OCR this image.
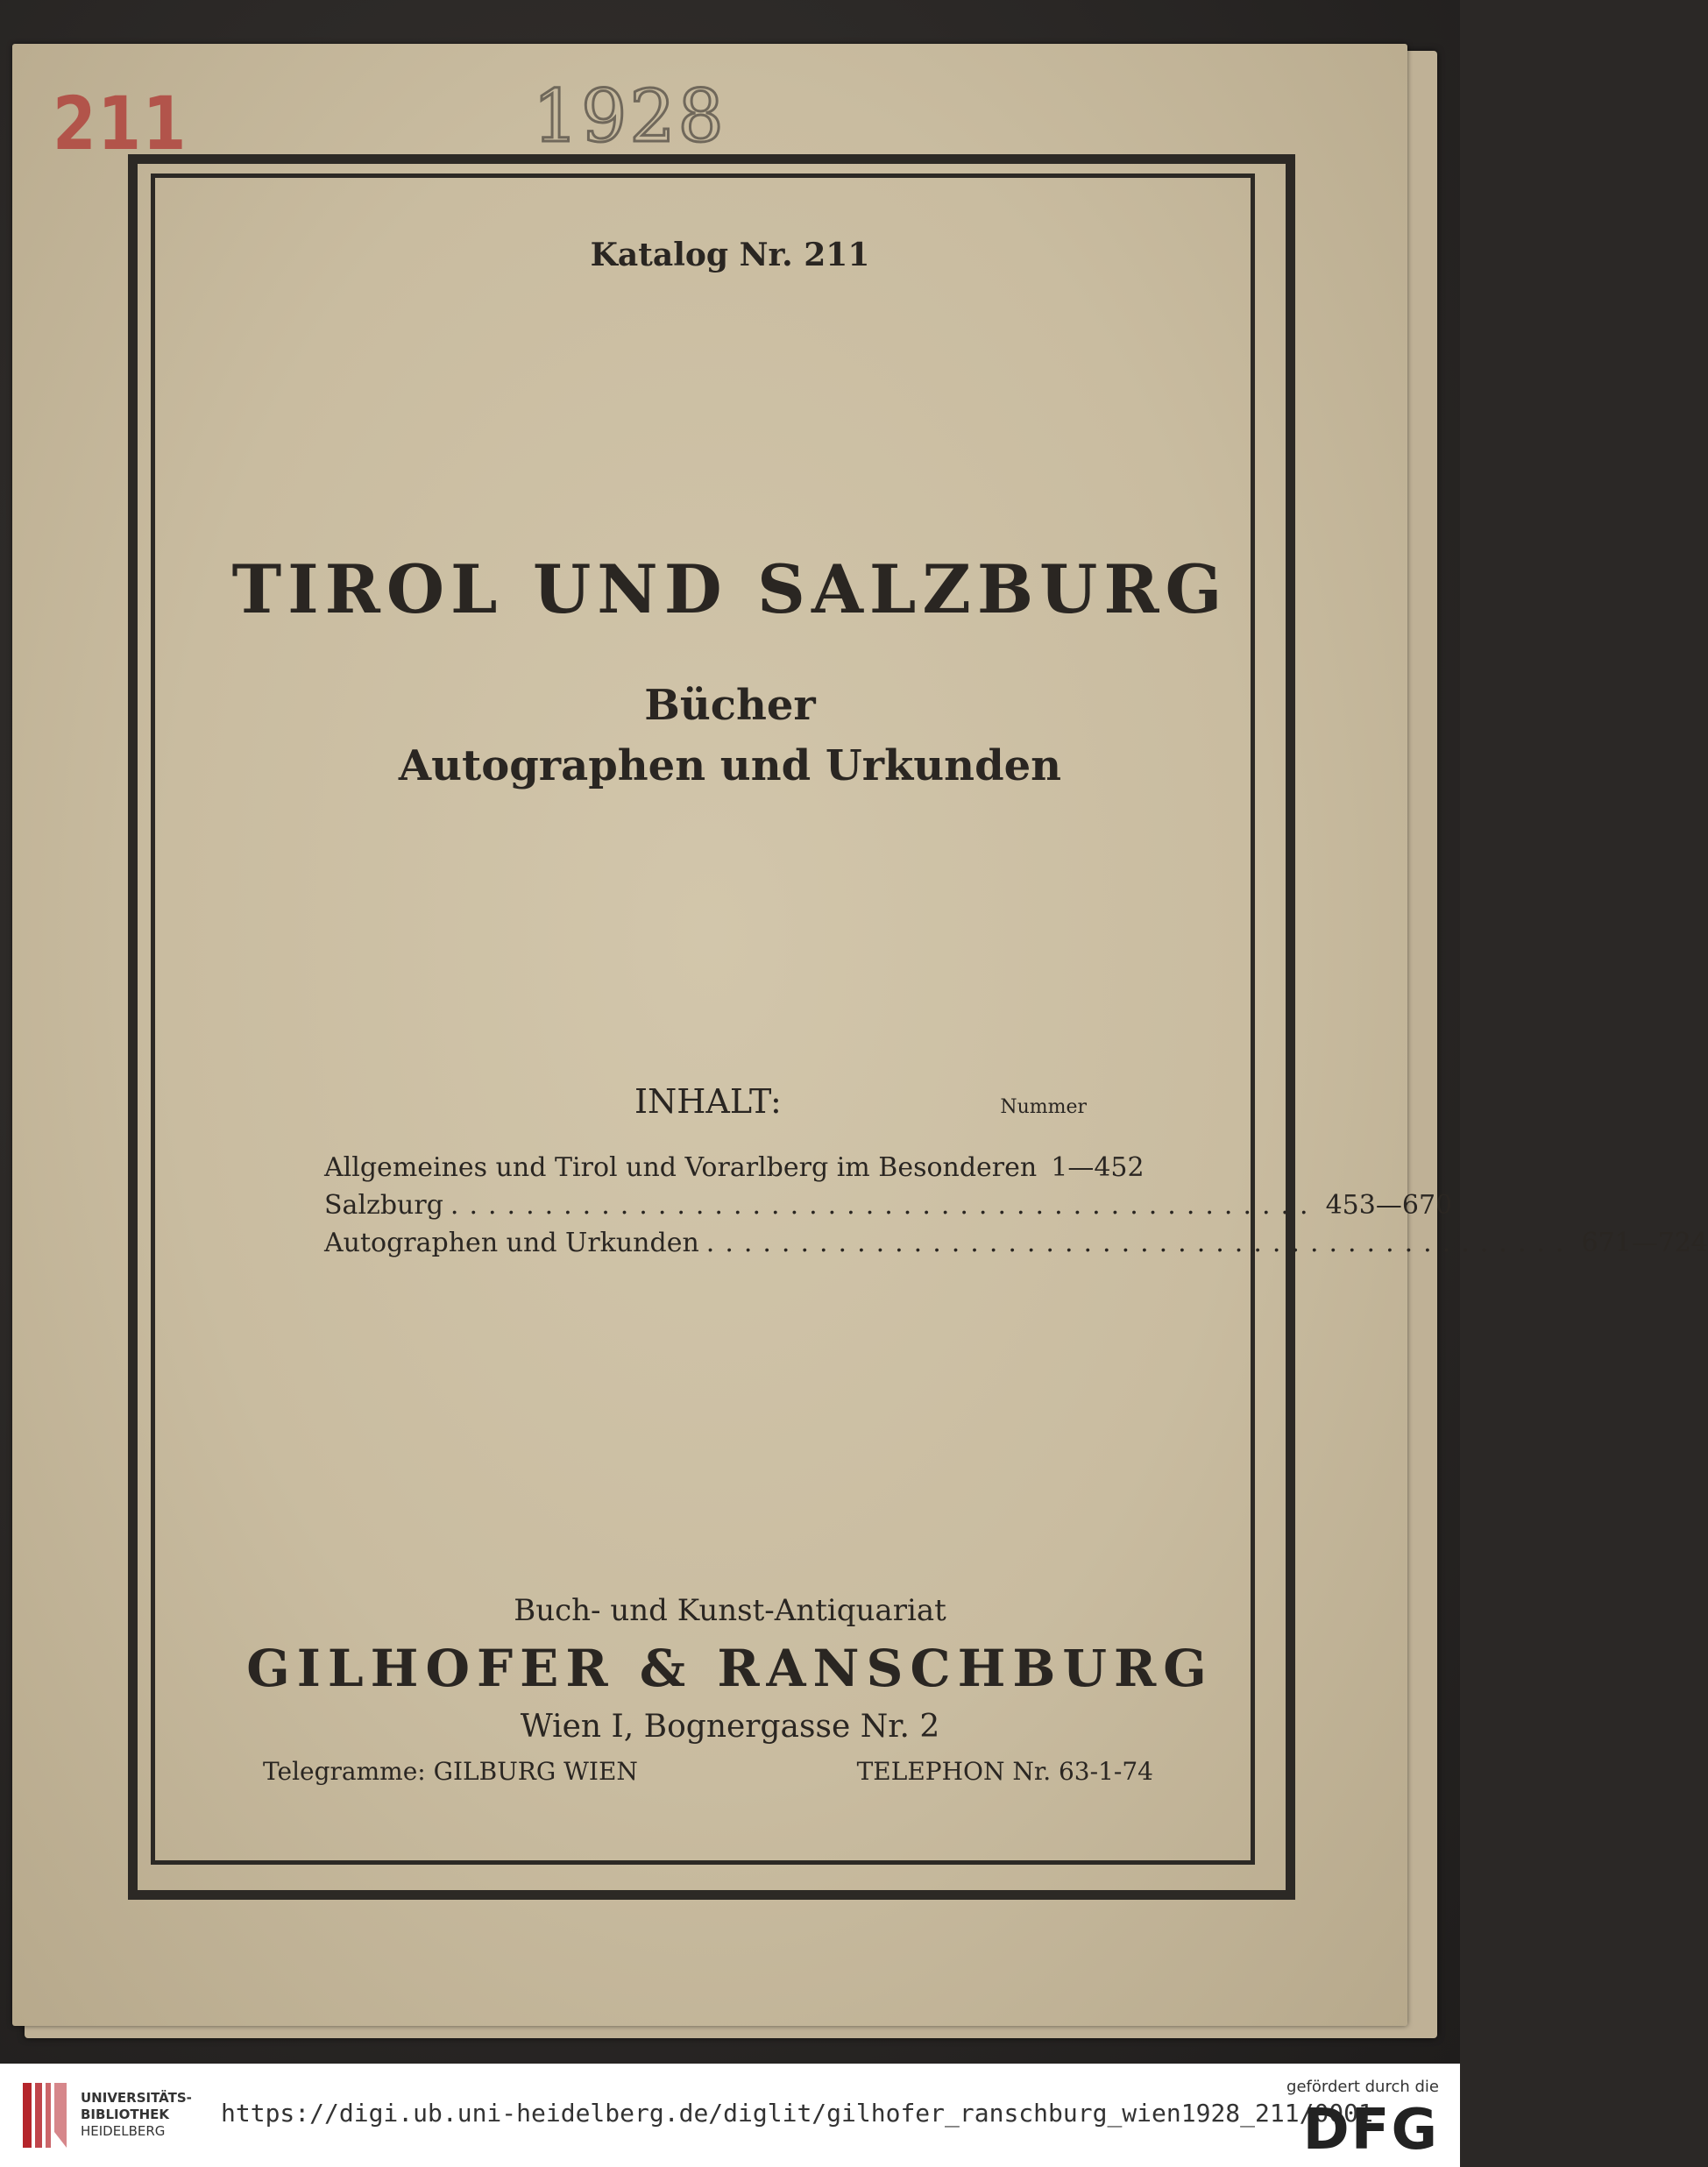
211	1928
Katalog Nr. 211
TIROL UND SALZBURG
Bücher
Autographen und Urkunden
INHALT:	Nummer
Allgemeines und Tirol und Vorarlberg im Besonderen 1—452
Salzburg .............................................. 453—670
Autographen und Urkunden .............................................. 671—724
Buch- und Kunst-Antiquariat
GILHOFER & RANSCHBURG
Wien I, Bognergasse Nr. 2
Telegramme: GILBURG WIEN	TELEPHON Nr. 63-1-74
UNIVERSITÄTS-
BIBLIOTHEK
HEIDELBERG
https://digi.ub.uni-heidelberg.de/diglit/gilhofer_ranschburg_wien1928_211/0001
gefördert durch die
DFG
